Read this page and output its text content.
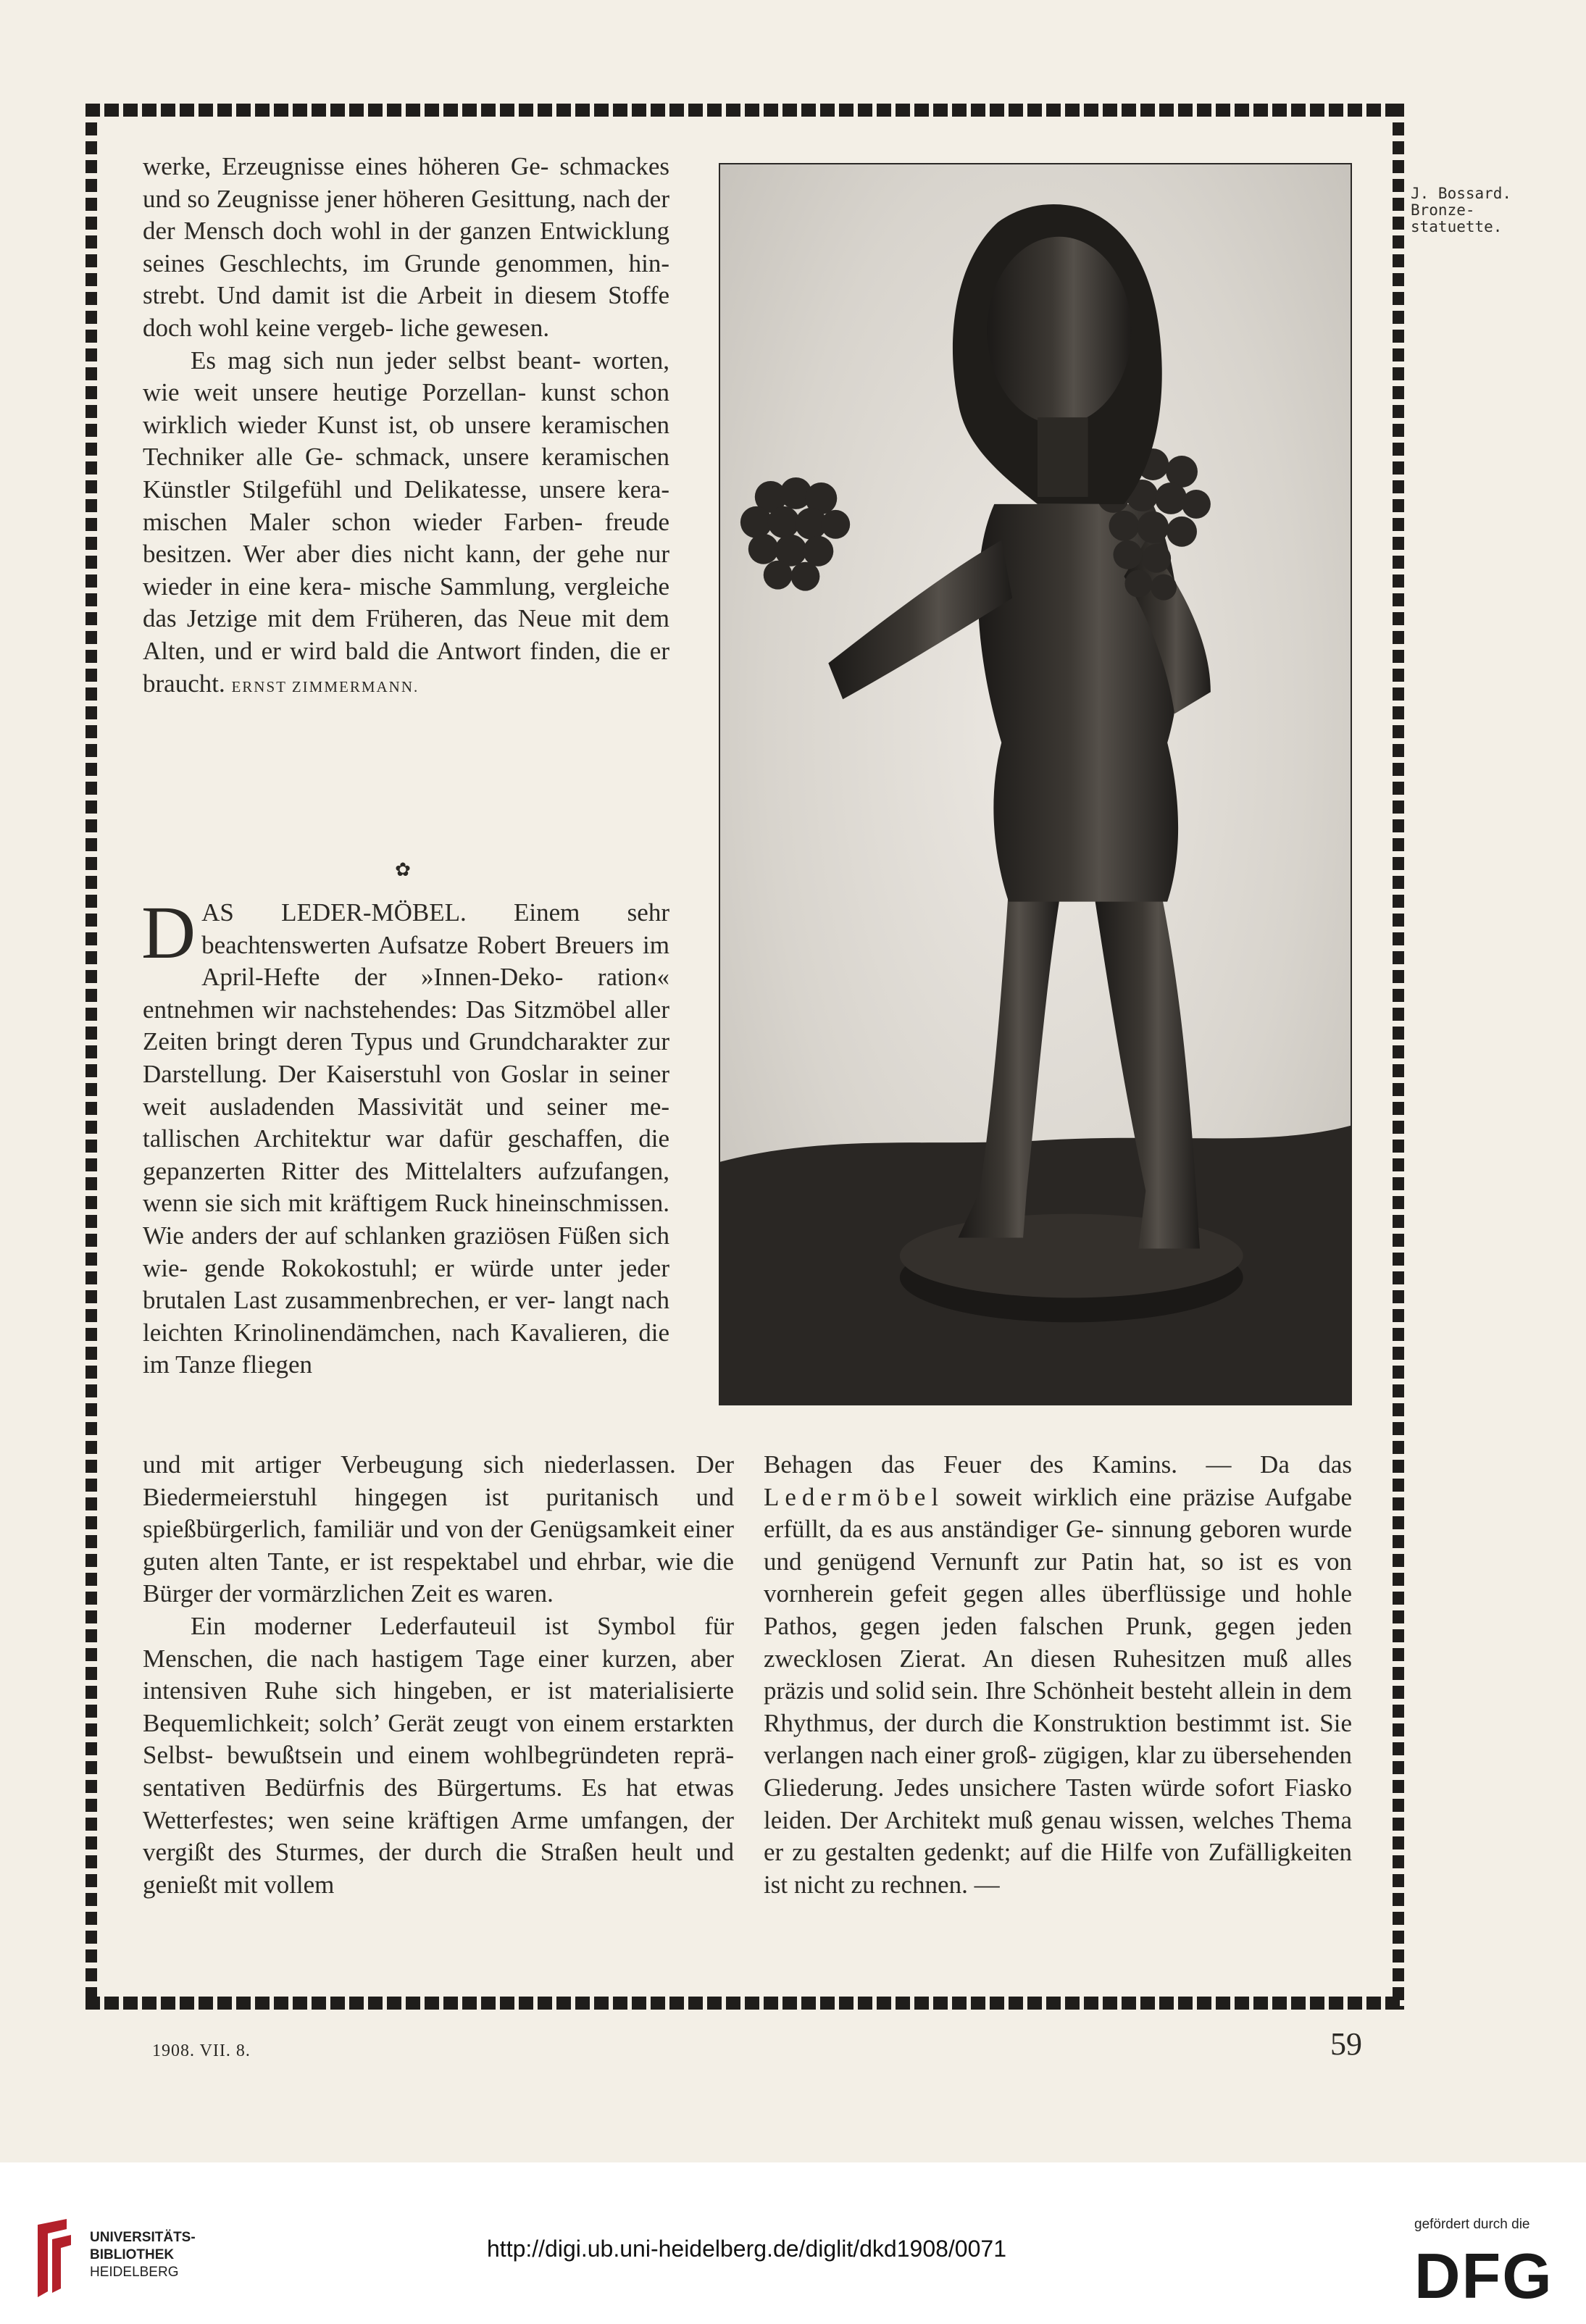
werke, Erzeugnisse eines höheren Ge- schmackes und so Zeugnisse jener höheren Gesittung, nach der der Mensch doch wohl in der ganzen Entwicklung seines Geschlechts, im Grunde genommen, hin- strebt. Und damit ist die Arbeit in diesem Stoffe doch wohl keine vergeb- liche gewesen.

Es mag sich nun jeder selbst beant- worten, wie weit unsere heutige Porzellan- kunst schon wirklich wieder Kunst ist, ob unsere keramischen Techniker alle Ge- schmack, unsere keramischen Künstler Stilgefühl und Delikatesse, unsere kera- mischen Maler schon wieder Farben- freude besitzen. Wer aber dies nicht kann, der gehe nur wieder in eine kera- mische Sammlung, vergleiche das Jetzige mit dem Früheren, das Neue mit dem Alten, und er wird bald die Antwort finden, die er braucht. ERNST ZIMMERMANN.

✿

D AS LEDER-MÖBEL. Einem sehr beachtenswerten Aufsatze Robert Breuers im April-Hefte der »Innen-Deko- ration« entnehmen wir nachstehendes: Das Sitzmöbel aller Zeiten bringt deren Typus und Grundcharakter zur Darstellung. Der Kaiserstuhl von Goslar in seiner weit ausladenden Massivität und seiner me- tallischen Architektur war dafür geschaffen, die gepanzerten Ritter des Mittelalters aufzufangen, wenn sie sich mit kräftigem Ruck hineinschmissen. Wie anders der auf schlanken graziösen Füßen sich wie- gende Rokokostuhl; er würde unter jeder brutalen Last zusammenbrechen, er ver- langt nach leichten Krinolinendämchen, nach Kavalieren, die im Tanze fliegen

und mit artiger Verbeugung sich niederlassen. Der Biedermeierstuhl hingegen ist puritanisch und spießbürgerlich, familiär und von der Genügsamkeit einer guten alten Tante, er ist respektabel und ehrbar, wie die Bürger der vormärzlichen Zeit es waren.

Ein moderner Lederfauteuil ist Symbol für Menschen, die nach hastigem Tage einer kurzen, aber intensiven Ruhe sich hingeben, er ist materialisierte Bequemlichkeit; solch’ Gerät zeugt von einem erstarkten Selbst- bewußtsein und einem wohlbegründeten reprä- sentativen Bedürfnis des Bürgertums. Es hat etwas Wetterfestes; wen seine kräftigen Arme umfangen, der vergißt des Sturmes, der durch die Straßen heult und genießt mit vollem

Behagen das Feuer des Kamins. — Da das Ledermöbel soweit wirklich eine präzise Aufgabe erfüllt, da es aus anständiger Ge- sinnung geboren wurde und genügend Vernunft zur Patin hat, so ist es von vornherein gefeit gegen alles überflüssige und hohle Pathos, gegen jeden falschen Prunk, gegen jeden zwecklosen Zierat. An diesen Ruhesitzen muß alles präzis und solid sein. Ihre Schönheit besteht allein in dem Rhythmus, der durch die Konstruktion bestimmt ist. Sie verlangen nach einer groß- zügigen, klar zu übersehenden Gliederung. Jedes unsichere Tasten würde sofort Fiasko leiden. Der Architekt muß genau wissen, welches Thema er zu gestalten gedenkt; auf die Hilfe von Zufälligkeiten ist nicht zu rechnen. —

J. Bossard.
Bronze-
statuette.
1908. VII. 8.	59
UNIVERSITÄTS-
BIBLIOTHEK
HEIDELBERG
http://digi.ub.uni-heidelberg.de/diglit/dkd1908/0071
gefördert durch die
DFG
